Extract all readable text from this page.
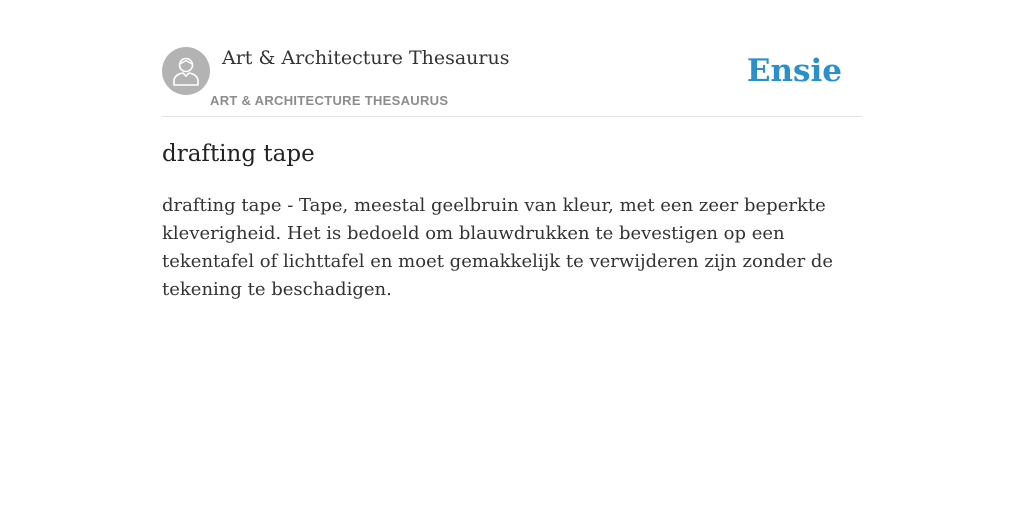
Art & Architecture Thesaurus
ART & ARCHITECTURE THESAURUS
Ensie
drafting tape

drafting tape - Tape, meestal geelbruin van kleur, met een zeer beperkte kleverigheid. Het is bedoeld om blauwdrukken te bevestigen op een tekentafel of lichttafel en moet gemakkelijk te verwijderen zijn zonder de tekening te beschadigen.
